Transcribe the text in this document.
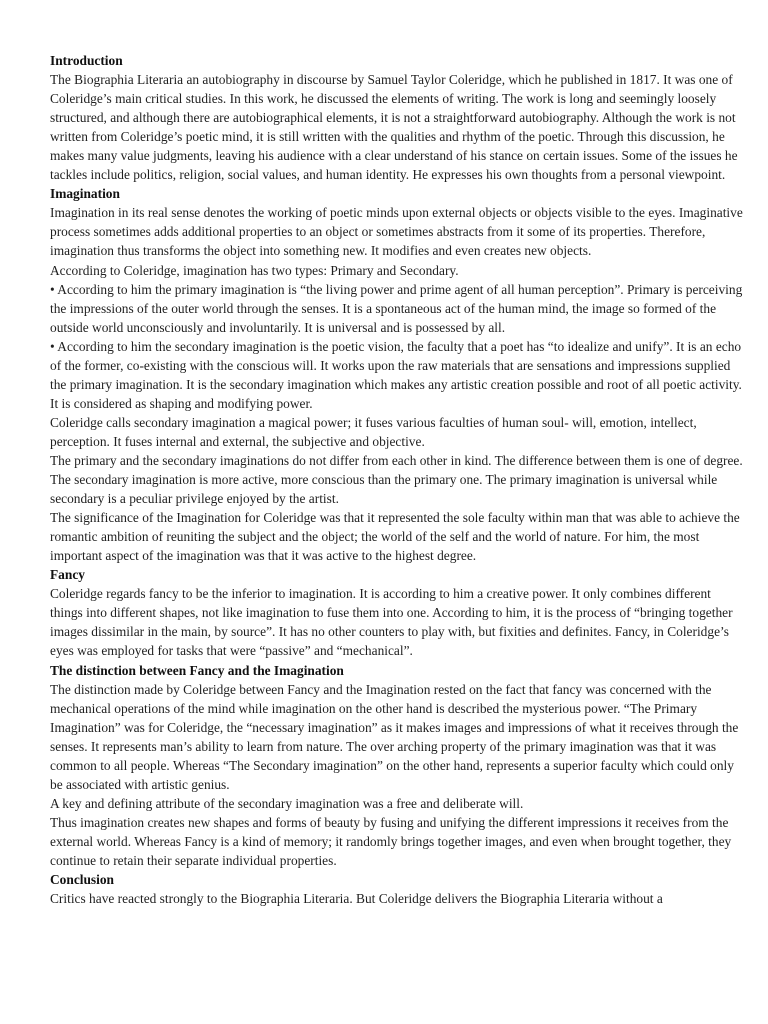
Introduction

The Biographia Literaria an autobiography in discourse by Samuel Taylor Coleridge, which he published in 1817. It was one of Coleridge’s main critical studies. In this work, he discussed the elements of writing. The work is long and seemingly loosely structured, and although there are autobiographical elements, it is not a straightforward autobiography. Although the work is not written from Coleridge’s poetic mind, it is still written with the qualities and rhythm of the poetic. Through this discussion, he makes many value judgments, leaving his audience with a clear understand of his stance on certain issues. Some of the issues he tackles include politics, religion, social values, and human identity. He expresses his own thoughts from a personal viewpoint.

Imagination

Imagination in its real sense denotes the working of poetic minds upon external objects or objects visible to the eyes. Imaginative process sometimes adds additional properties to an object or sometimes abstracts from it some of its properties. Therefore, imagination thus transforms the object into something new. It modifies and even creates new objects.

According to Coleridge, imagination has two types: Primary and Secondary.

• According to him the primary imagination is “the living power and prime agent of all human perception”. Primary is perceiving the impressions of the outer world through the senses. It is a spontaneous act of the human mind, the image so formed of the outside world unconsciously and involuntarily. It is universal and is possessed by all.

• According to him the secondary imagination is the poetic vision, the faculty that a poet has “to idealize and unify”. It is an echo of the former, co-existing with the conscious will. It works upon the raw materials that are sensations and impressions supplied the primary imagination. It is the secondary imagination which makes any artistic creation possible and root of all poetic activity. It is considered as shaping and modifying power.

Coleridge calls secondary imagination a magical power; it fuses various faculties of human soul- will, emotion, intellect, perception. It fuses internal and external, the subjective and objective.

The primary and the secondary imaginations do not differ from each other in kind. The difference between them is one of degree. The secondary imagination is more active, more conscious than the primary one. The primary imagination is universal while secondary is a peculiar privilege enjoyed by the artist.

The significance of the Imagination for Coleridge was that it represented the sole faculty within man that was able to achieve the romantic ambition of reuniting the subject and the object; the world of the self and the world of nature. For him, the most important aspect of the imagination was that it was active to the highest degree.

Fancy

Coleridge regards fancy to be the inferior to imagination. It is according to him a creative power. It only combines different things into different shapes, not like imagination to fuse them into one. According to him, it is the process of “bringing together images dissimilar in the main, by source”. It has no other counters to play with, but fixities and definites. Fancy, in Coleridge’s eyes was employed for tasks that were “passive” and “mechanical”.

The distinction between Fancy and the Imagination

The distinction made by Coleridge between Fancy and the Imagination rested on the fact that fancy was concerned with the mechanical operations of the mind while imagination on the other hand is described the mysterious power. “The Primary Imagination” was for Coleridge, the “necessary imagination” as it makes images and impressions of what it receives through the senses. It represents man’s ability to learn from nature. The over arching property of the primary imagination was that it was common to all people. Whereas “The Secondary imagination” on the other hand, represents a superior faculty which could only be associated with artistic genius.

A key and defining attribute of the secondary imagination was a free and deliberate will.

Thus imagination creates new shapes and forms of beauty by fusing and unifying the different impressions it receives from the external world. Whereas Fancy is a kind of memory; it randomly brings together images, and even when brought together, they continue to retain their separate individual properties.

Conclusion

Critics have reacted strongly to the Biographia Literaria. But Coleridge delivers the Biographia Literaria without a
